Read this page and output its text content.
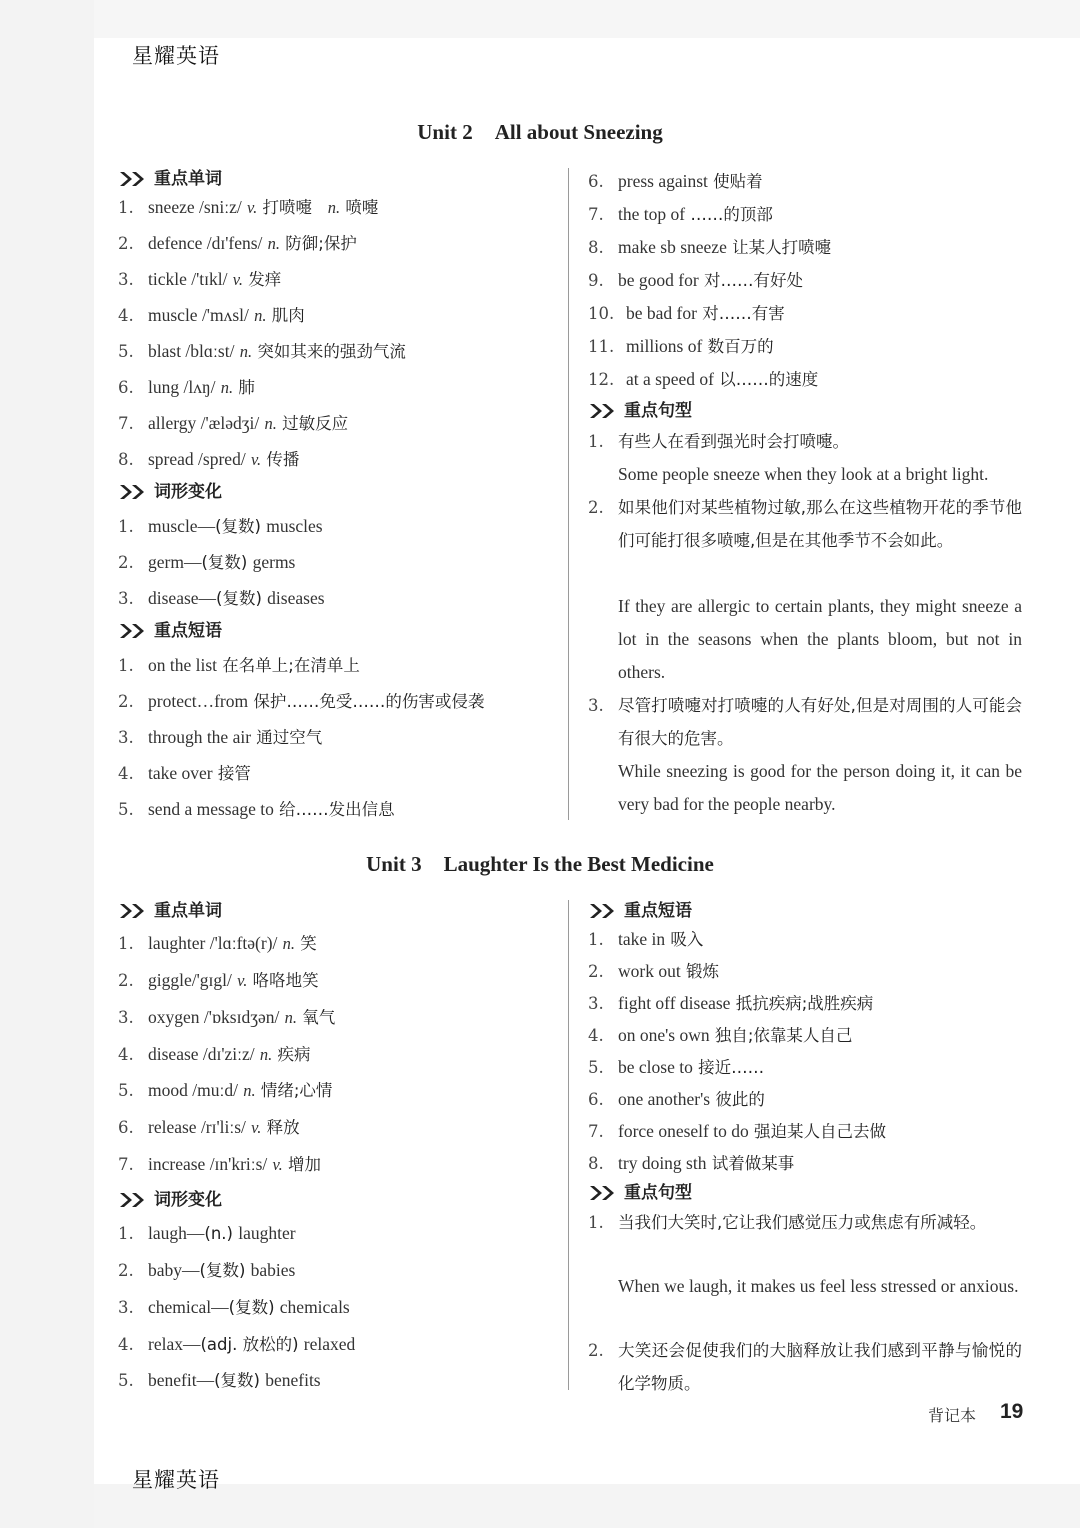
星耀英语
Unit 2 All about Sneezing
重点单词
1. sneeze /sniːz/ v. 打喷嚏 n. 喷嚏
2. defence /dɪ'fens/ n. 防御;保护
3. tickle /'tɪkl/ v. 发痒
4. muscle /'mʌsl/ n. 肌肉
5. blast /blɑːst/ n. 突如其来的强劲气流
6. lung /lʌŋ/ n. 肺
7. allergy /'ælədʒi/ n. 过敏反应
8. spread /spred/ v. 传播
词形变化
1. muscle—(复数) muscles
2. germ—(复数) germs
3. disease—(复数) diseases
重点短语
1. on the list 在名单上;在清单上
2. protect…from 保护……免受……的伤害或侵袭
3. through the air 通过空气
4. take over 接管
5. send a message to 给……发出信息
6. press against 使贴着
7. the top of ……的顶部
8. make sb sneeze 让某人打喷嚏
9. be good for 对……有好处
10. be bad for 对……有害
11. millions of 数百万的
12. at a speed of 以……的速度
重点句型
1. 有些人在看到强光时会打喷嚏。
Some people sneeze when they look at a bright light.
2. 如果他们对某些植物过敏,那么在这些植物开花的季节他们可能打很多喷嚏,但是在其他季节不会如此。
If they are allergic to certain plants, they might sneeze a lot in the seasons when the plants bloom, but not in others.
3. 尽管打喷嚏对打喷嚏的人有好处,但是对周围的人可能会有很大的危害。
While sneezing is good for the person doing it, it can be very bad for the people nearby.
Unit 3 Laughter Is the Best Medicine
重点单词
1. laughter /'lɑːftə(r)/ n. 笑
2. giggle/'gɪgl/ v. 咯咯地笑
3. oxygen /'ɒksɪdʒən/ n. 氧气
4. disease /dɪ'ziːz/ n. 疾病
5. mood /muːd/ n. 情绪;心情
6. release /rɪ'liːs/ v. 释放
7. increase /ɪn'kriːs/ v. 增加
词形变化
1. laugh—(n.) laughter
2. baby—(复数) babies
3. chemical—(复数) chemicals
4. relax—(adj. 放松的) relaxed
5. benefit—(复数) benefits
重点短语
1. take in 吸入
2. work out 锻炼
3. fight off disease 抵抗疾病;战胜疾病
4. on one's own 独自;依靠某人自己
5. be close to 接近……
6. one another's 彼此的
7. force oneself to do 强迫某人自己去做
8. try doing sth 试着做某事
重点句型
1. 当我们大笑时,它让我们感觉压力或焦虑有所减轻。
When we laugh, it makes us feel less stressed or anxious.
2. 大笑还会促使我们的大脑释放让我们感到平静与愉悦的化学物质。
背记本 19
星耀英语
